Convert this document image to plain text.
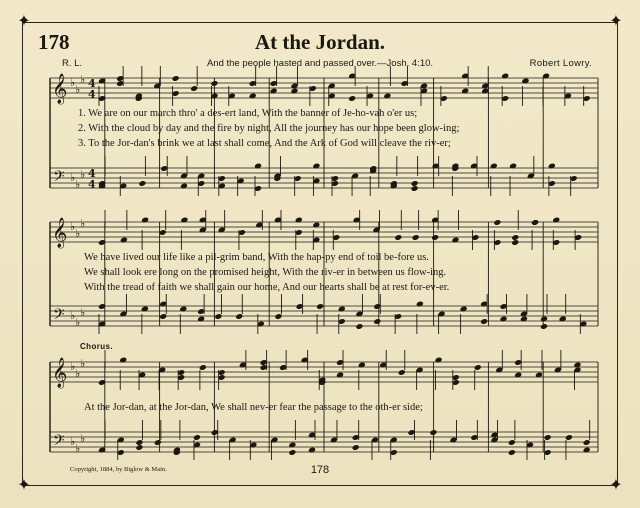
✦	✦
✦	✦
178	At the Jordan.
R. L.	And the people hasted and passed over.—Josh. 4:10.	Robert Lowry.
𝄞
𝄢
♭
♭
♭
♭
♭
♭
4
4
4
4
𝄞
𝄢
♭
♭
♭
♭
♭
♭
𝄞
𝄢
♭
♭
♭
♭
♭
♭
1. We are on our march thro' a des-ert land, With the banner of Je-ho-vah o'er us;
2. With the cloud by day and the fire by night, All the journey has our hope been glow-ing;
3. To the Jor-dan's brink we at last shall come, And the Ark of God will cleave the riv-er;
We have lived our life like a pil-grim band, With the hap-py end of toil be-fore us.
We shall look ere long on the promised height, With the riv-er in between us flow-ing.
With the tread of faith we shall gain our home, And our hearts shall be at rest for-ev-er.
Chorus.
At the Jor-dan, at the Jor-dan, We shall nev-er fear the passage to the oth-er side;
Copyright, 1884, by Biglow & Main.	178
